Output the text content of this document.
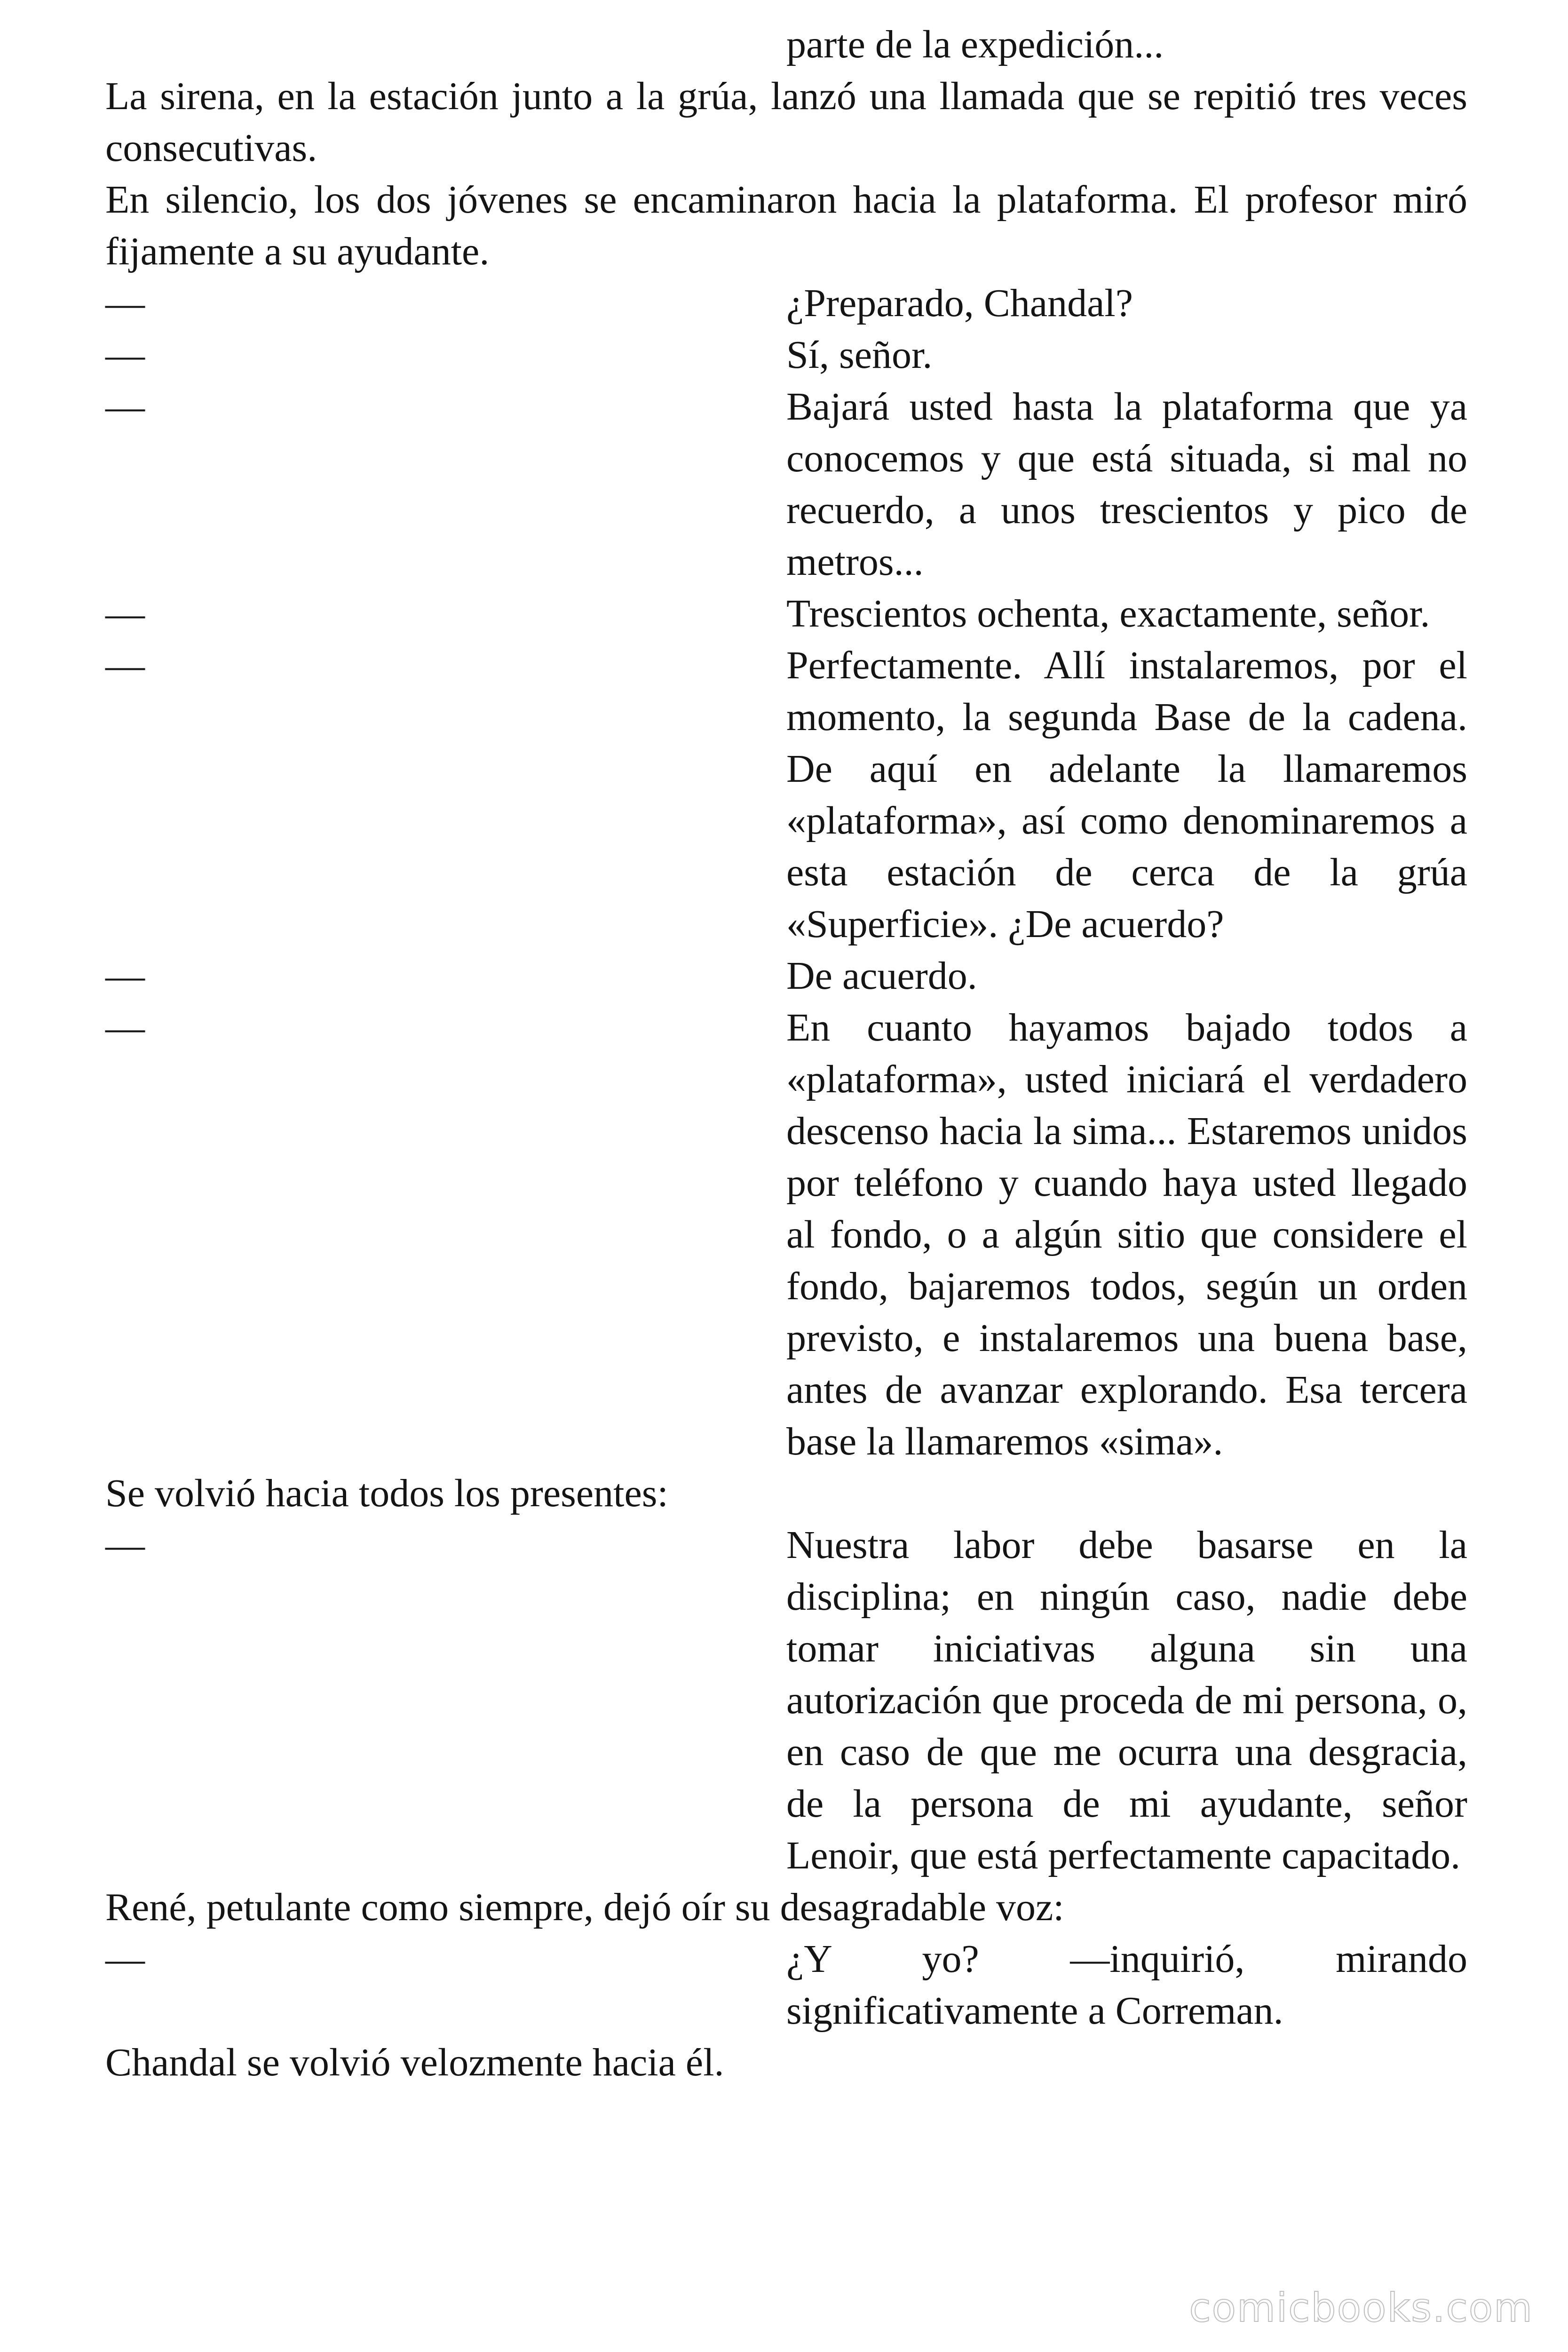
parte de la expedición...

La sirena, en la estación junto a la grúa, lanzó una llamada que se repitió tres veces consecutivas.

En silencio, los dos jóvenes se encaminaron hacia la plataforma. El profesor miró fijamente a su ayudante.

—	¿Preparado, Chandal?

—	Sí, señor.

—	Bajará usted hasta la plataforma que ya conocemos y que está situada, si mal no recuerdo, a unos trescientos y pico de metros...

—	Trescientos ochenta, exactamente, señor.

—	Perfectamente. Allí instalaremos, por el momento, la segunda Base de la cadena. De aquí en adelante la llamaremos «plataforma», así como denominaremos a esta estación de cerca de la grúa «Superficie». ¿De acuerdo?

—	De acuerdo.

—	En cuanto hayamos bajado todos a «plataforma», usted iniciará el verdadero descenso hacia la sima... Estaremos unidos por teléfono y cuando haya usted llegado al fondo, o a algún sitio que considere el fondo, bajaremos todos, según un orden previsto, e instalaremos una buena base, antes de avanzar explorando. Esa tercera base la llamaremos «sima».

Se volvió hacia todos los presentes:

—	Nuestra labor debe basarse en la disciplina; en ningún caso, nadie debe tomar iniciativas alguna sin una autorización que proceda de mi persona, o, en caso de que me ocurra una desgracia, de la persona de mi ayudante, señor Lenoir, que está perfectamente capacitado.

René, petulante como siempre, dejó oír su desagradable voz:

—	¿Y yo? —inquirió, mirando significativamente a Correman.

Chandal se volvió velozmente hacia él.

comicbooks.com
